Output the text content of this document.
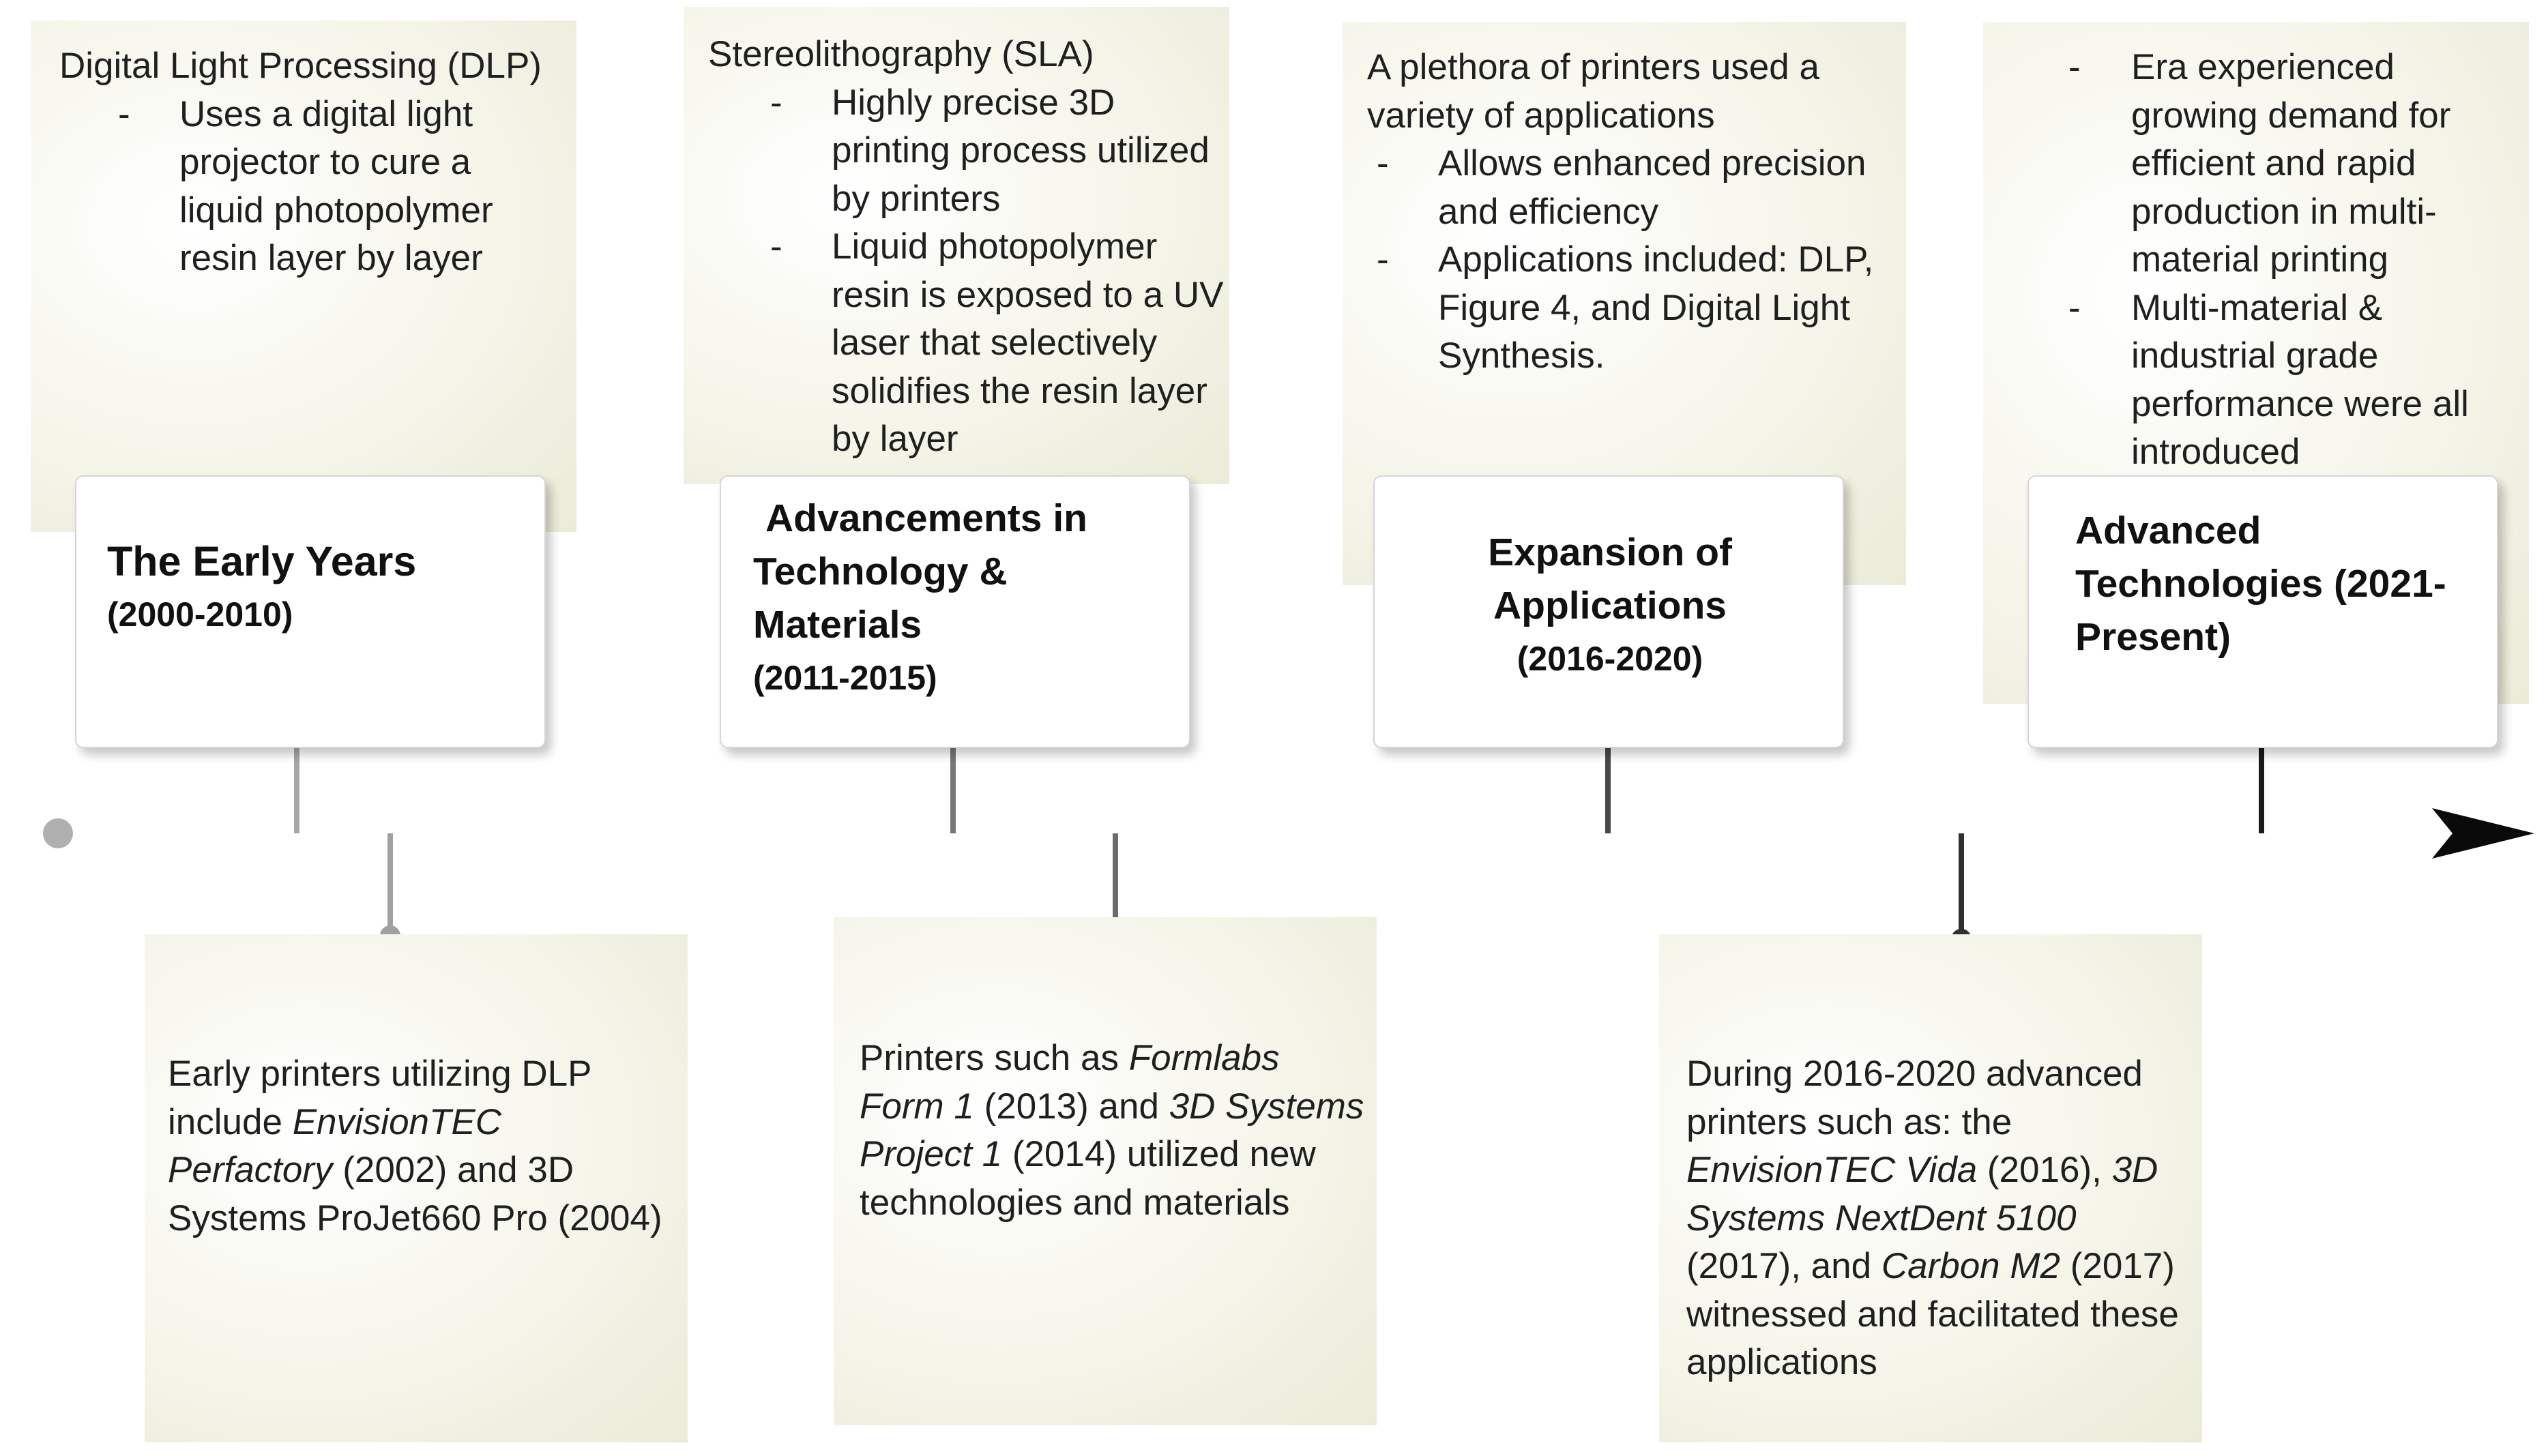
Digital Light Processing (DLP)
- Uses a digital light projector to cure a liquid photopolymer resin layer by layer
Stereolithography (SLA)
- Highly precise 3D printing process utilized by printers
- Liquid photopolymer resin is exposed to a UV laser that selectively solidifies the resin layer by layer
A plethora of printers used a variety of applications
- Allows enhanced precision and efficiency
- Applications included: DLP, Figure 4, and Digital Light Synthesis.
- Era experienced growing demand for efficient and rapid production in multi-material printing
- Multi-material & industrial grade performance were all introduced
The Early Years
(2000-2010)
Advancements in
Technology &
Materials
(2011-2015)
Expansion of Applications
(2016-2020)
Advanced Technologies (2021-Present)
Early printers utilizing DLP include EnvisionTEC Perfactory (2002) and 3D Systems ProJet660 Pro (2004)
Printers such as Formlabs Form 1 (2013) and 3D Systems Project 1 (2014) utilized new technologies and materials
During 2016-2020 advanced printers such as: the EnvisionTEC Vida (2016), 3D Systems NextDent 5100 (2017), and Carbon M2 (2017) witnessed and facilitated these applications
